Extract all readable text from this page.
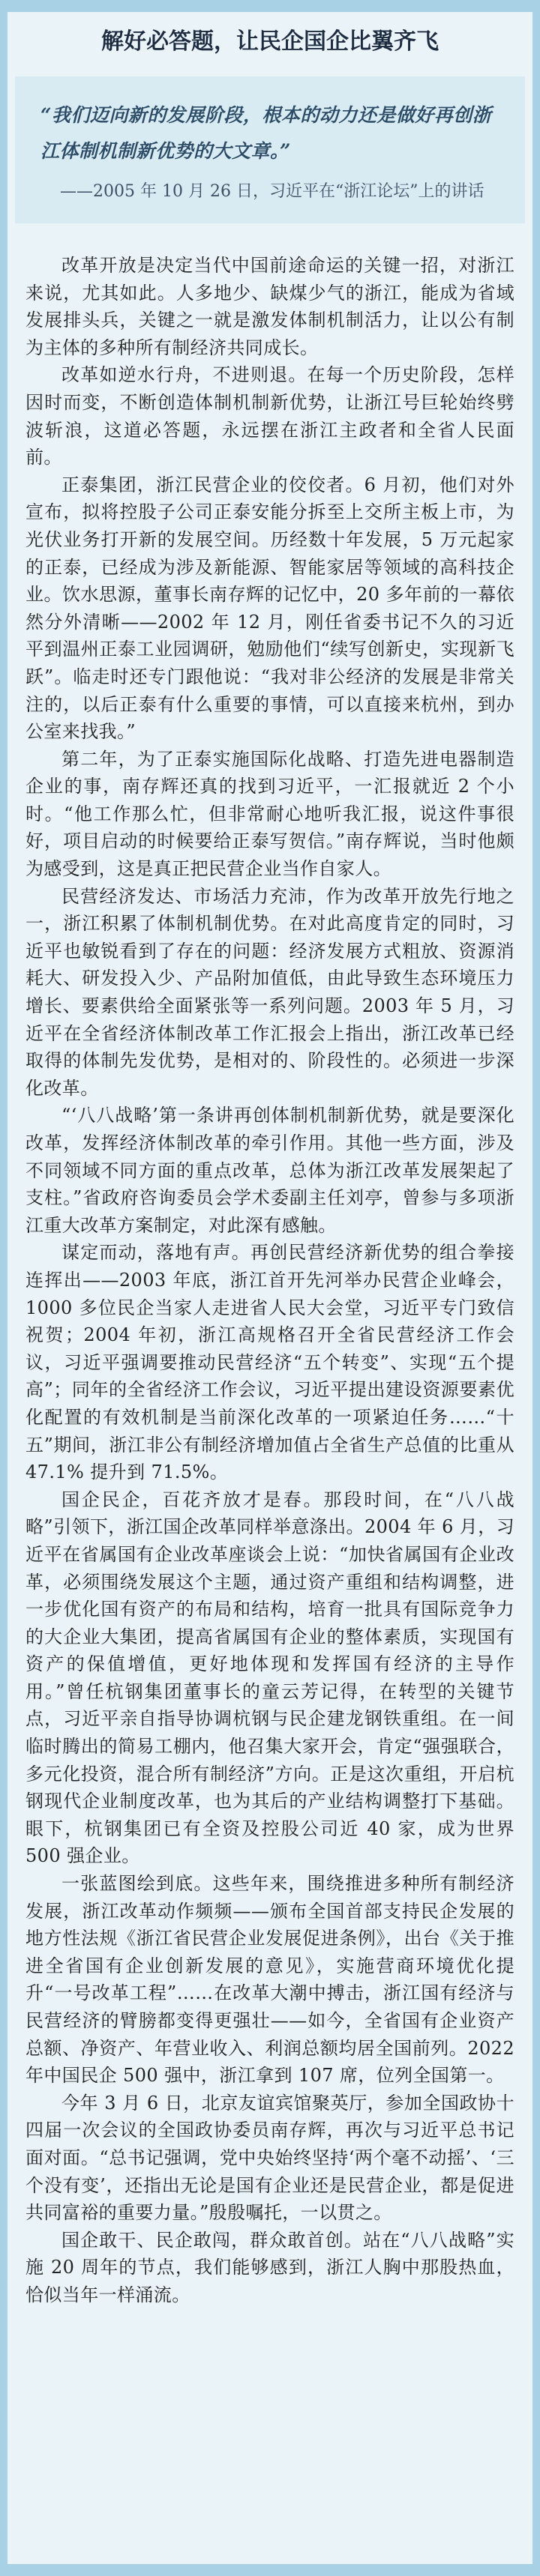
解好必答题，让民企国企比翼齐飞

“我们迈向新的发展阶段，根本的动力还是做好再创浙江体制机制新优势的大文章。”

——2005 年 10 月 26 日，习近平在“浙江论坛”上的讲话

改革开放是决定当代中国前途命运的关键一招，对浙江来说，尤其如此。人多地少、缺煤少气的浙江，能成为省域发展排头兵，关键之一就是激发体制机制活力，让以公有制为主体的多种所有制经济共同成长。

改革如逆水行舟，不进则退。在每一个历史阶段，怎样因时而变，不断创造体制机制新优势，让浙江号巨轮始终劈波斩浪，这道必答题，永远摆在浙江主政者和全省人民面前。

正泰集团，浙江民营企业的佼佼者。6 月初，他们对外宣布，拟将控股子公司正泰安能分拆至上交所主板上市，为光伏业务打开新的发展空间。历经数十年发展，5 万元起家的正泰，已经成为涉及新能源、智能家居等领域的高科技企业。饮水思源，董事长南存辉的记忆中，20 多年前的一幕依然分外清晰——2002 年 12 月，刚任省委书记不久的习近平到温州正泰工业园调研，勉励他们“续写创新史，实现新飞跃”。临走时还专门跟他说：“我对非公经济的发展是非常关注的，以后正泰有什么重要的事情，可以直接来杭州，到办公室来找我。”

第二年，为了正泰实施国际化战略、打造先进电器制造企业的事，南存辉还真的找到习近平，一汇报就近 2 个小时。“他工作那么忙，但非常耐心地听我汇报，说这件事很好，项目启动的时候要给正泰写贺信。”南存辉说，当时他颇为感受到，这是真正把民营企业当作自家人。

民营经济发达、市场活力充沛，作为改革开放先行地之一，浙江积累了体制机制优势。在对此高度肯定的同时，习近平也敏锐看到了存在的问题：经济发展方式粗放、资源消耗大、研发投入少、产品附加值低，由此导致生态环境压力增长、要素供给全面紧张等一系列问题。2003 年 5 月，习近平在全省经济体制改革工作汇报会上指出，浙江改革已经取得的体制先发优势，是相对的、阶段性的。必须进一步深化改革。

“‘八八战略’第一条讲再创体制机制新优势，就是要深化改革，发挥经济体制改革的牵引作用。其他一些方面，涉及不同领域不同方面的重点改革，总体为浙江改革发展架起了支柱。”省政府咨询委员会学术委副主任刘亭，曾参与多项浙江重大改革方案制定，对此深有感触。

谋定而动，落地有声。再创民营经济新优势的组合拳接连挥出——2003 年底，浙江首开先河举办民营企业峰会，1000 多位民企当家人走进省人民大会堂，习近平专门致信祝贺；2004 年初，浙江高规格召开全省民营经济工作会议，习近平强调要推动民营经济“五个转变”、实现“五个提高”；同年的全省经济工作会议，习近平提出建设资源要素优化配置的有效机制是当前深化改革的一项紧迫任务……“十五”期间，浙江非公有制经济增加值占全省生产总值的比重从 47.1% 提升到 71.5%。

国企民企，百花齐放才是春。那段时间，在“八八战略”引领下，浙江国企改革同样举意涤出。2004 年 6 月，习近平在省属国有企业改革座谈会上说：“加快省属国有企业改革，必须围绕发展这个主题，通过资产重组和结构调整，进一步优化国有资产的布局和结构，培育一批具有国际竞争力的大企业大集团，提高省属国有企业的整体素质，实现国有资产的保值增值，更好地体现和发挥国有经济的主导作用。”曾任杭钢集团董事长的童云芳记得，在转型的关键节点，习近平亲自指导协调杭钢与民企建龙钢铁重组。在一间临时腾出的简易工棚内，他召集大家开会，肯定“强强联合，多元化投资，混合所有制经济”方向。正是这次重组，开启杭钢现代企业制度改革，也为其后的产业结构调整打下基础。眼下，杭钢集团已有全资及控股公司近 40 家，成为世界 500 强企业。

一张蓝图绘到底。这些年来，围绕推进多种所有制经济发展，浙江改革动作频频——颁布全国首部支持民企发展的地方性法规《浙江省民营企业发展促进条例》，出台《关于推进全省国有企业创新发展的意见》，实施营商环境优化提升“一号改革工程”……在改革大潮中搏击，浙江国有经济与民营经济的臂膀都变得更强壮——如今，全省国有企业资产总额、净资产、年营业收入、利润总额均居全国前列。2022 年中国民企 500 强中，浙江拿到 107 席，位列全国第一。

今年 3 月 6 日，北京友谊宾馆聚英厅，参加全国政协十四届一次会议的全国政协委员南存辉，再次与习近平总书记面对面。“总书记强调，党中央始终坚持‘两个毫不动摇’、‘三个没有变’，还指出无论是国有企业还是民营企业，都是促进共同富裕的重要力量。”殷殷嘱托，一以贯之。

国企敢干、民企敢闯，群众敢首创。站在“八八战略”实施 20 周年的节点，我们能够感到，浙江人胸中那股热血，恰似当年一样涌流。
